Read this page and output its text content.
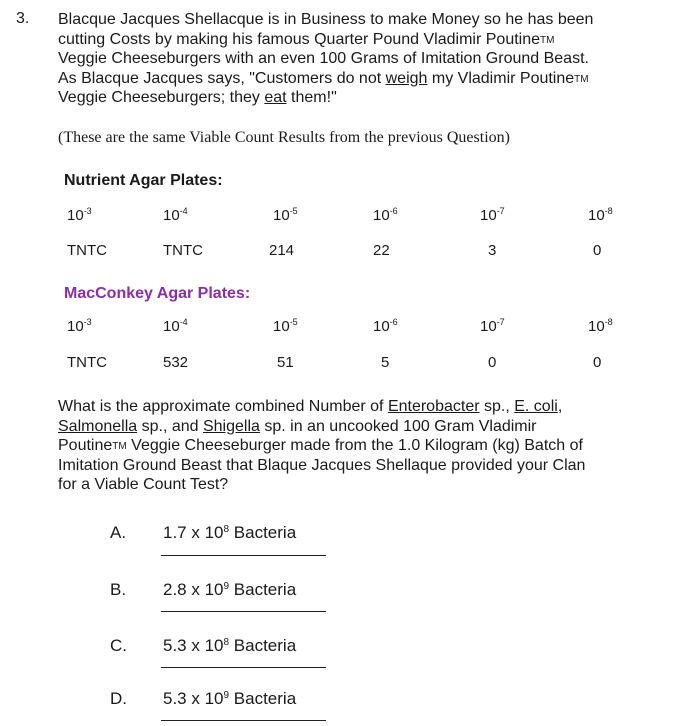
3. Blacque Jacques Shellacque is in Business to make Money so he has been
cutting Costs by making his famous Quarter Pound Vladimir Poutine™
Veggie Cheeseburgers with an even 100 Grams of Imitation Ground Beast.
As Blacque Jacques says, "Customers do not weigh my Vladimir Poutine™
Veggie Cheeseburgers; they eat them!"
(These are the same Viable Count Results from the previous Question)
Nutrient Agar Plates:
$10^{-3}$	$10^{-4}$	$10^{-5}$	$10^{-6}$	$10^{-7}$	$10^{-8}$
TNTC	TNTC	214	22	3	0
MacConkey Agar Plates:
$10^{-3}$	$10^{-4}$	$10^{-5}$	$10^{-6}$	$10^{-7}$	$10^{-8}$
TNTC	532	51	5	0	0
What is the approximate combined Number of Enterobacter sp., E. coli,
Salmonella sp., and Shigella sp. in an uncooked 100 Gram Vladimir
Poutine™ Veggie Cheeseburger made from the 1.0 Kilogram (kg) Batch of
Imitation Ground Beast that Blaque Jacques Shellaque provided your Clan
for a Viable Count Test?
A. 1.7 x $10^8$ Bacteria
B. 2.8 x $10^9$ Bacteria
C. 5.3 x $10^8$ Bacteria
D. 5.3 x $10^9$ Bacteria
